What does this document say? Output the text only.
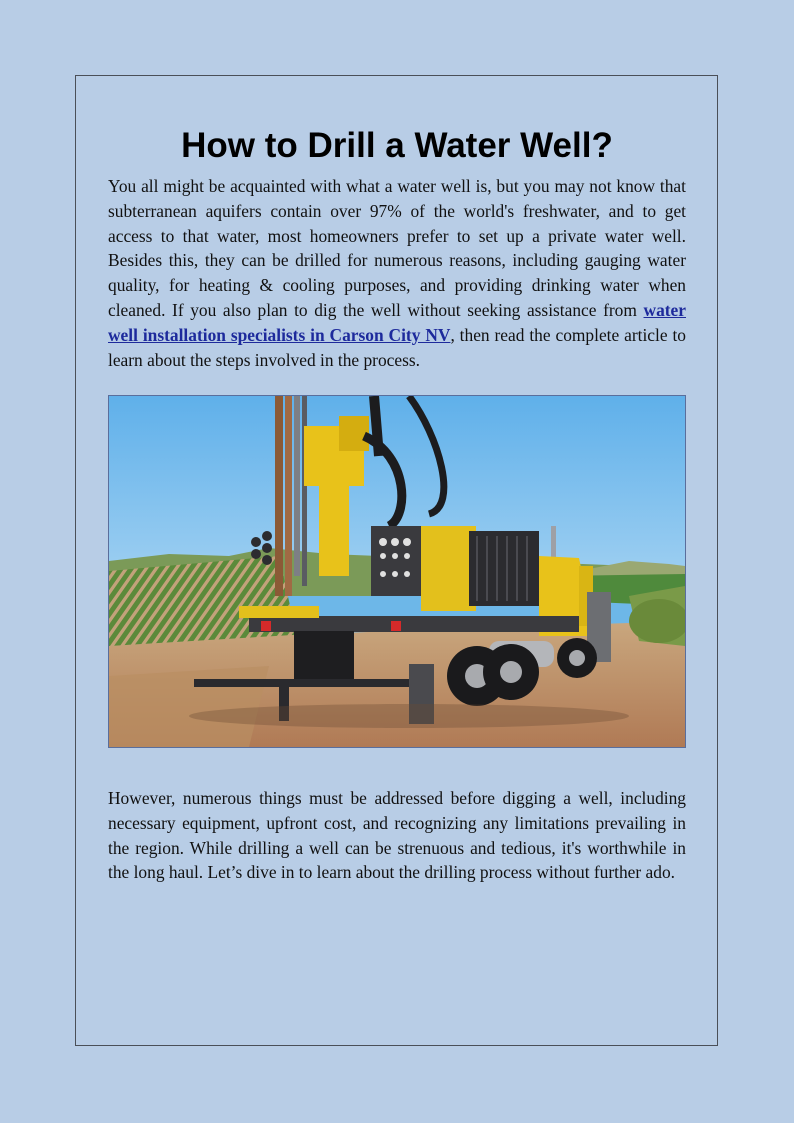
How to Drill a Water Well?

You all might be acquainted with what a water well is, but you may not know that subterranean aquifers contain over 97% of the world's freshwater, and to get access to that water, most homeowners prefer to set up a private water well. Besides this, they can be drilled for numerous reasons, including gauging water quality, for heating & cooling purposes, and providing drinking water when cleaned. If you also plan to dig the well without seeking assistance from water well installation specialists in Carson City NV, then read the complete article to learn about the steps involved in the process.

However, numerous things must be addressed before digging a well, including necessary equipment, upfront cost, and recognizing any limitations prevailing in the region. While drilling a well can be strenuous and tedious, it's worthwhile in the long haul. Let’s dive in to learn about the drilling process without further ado.
